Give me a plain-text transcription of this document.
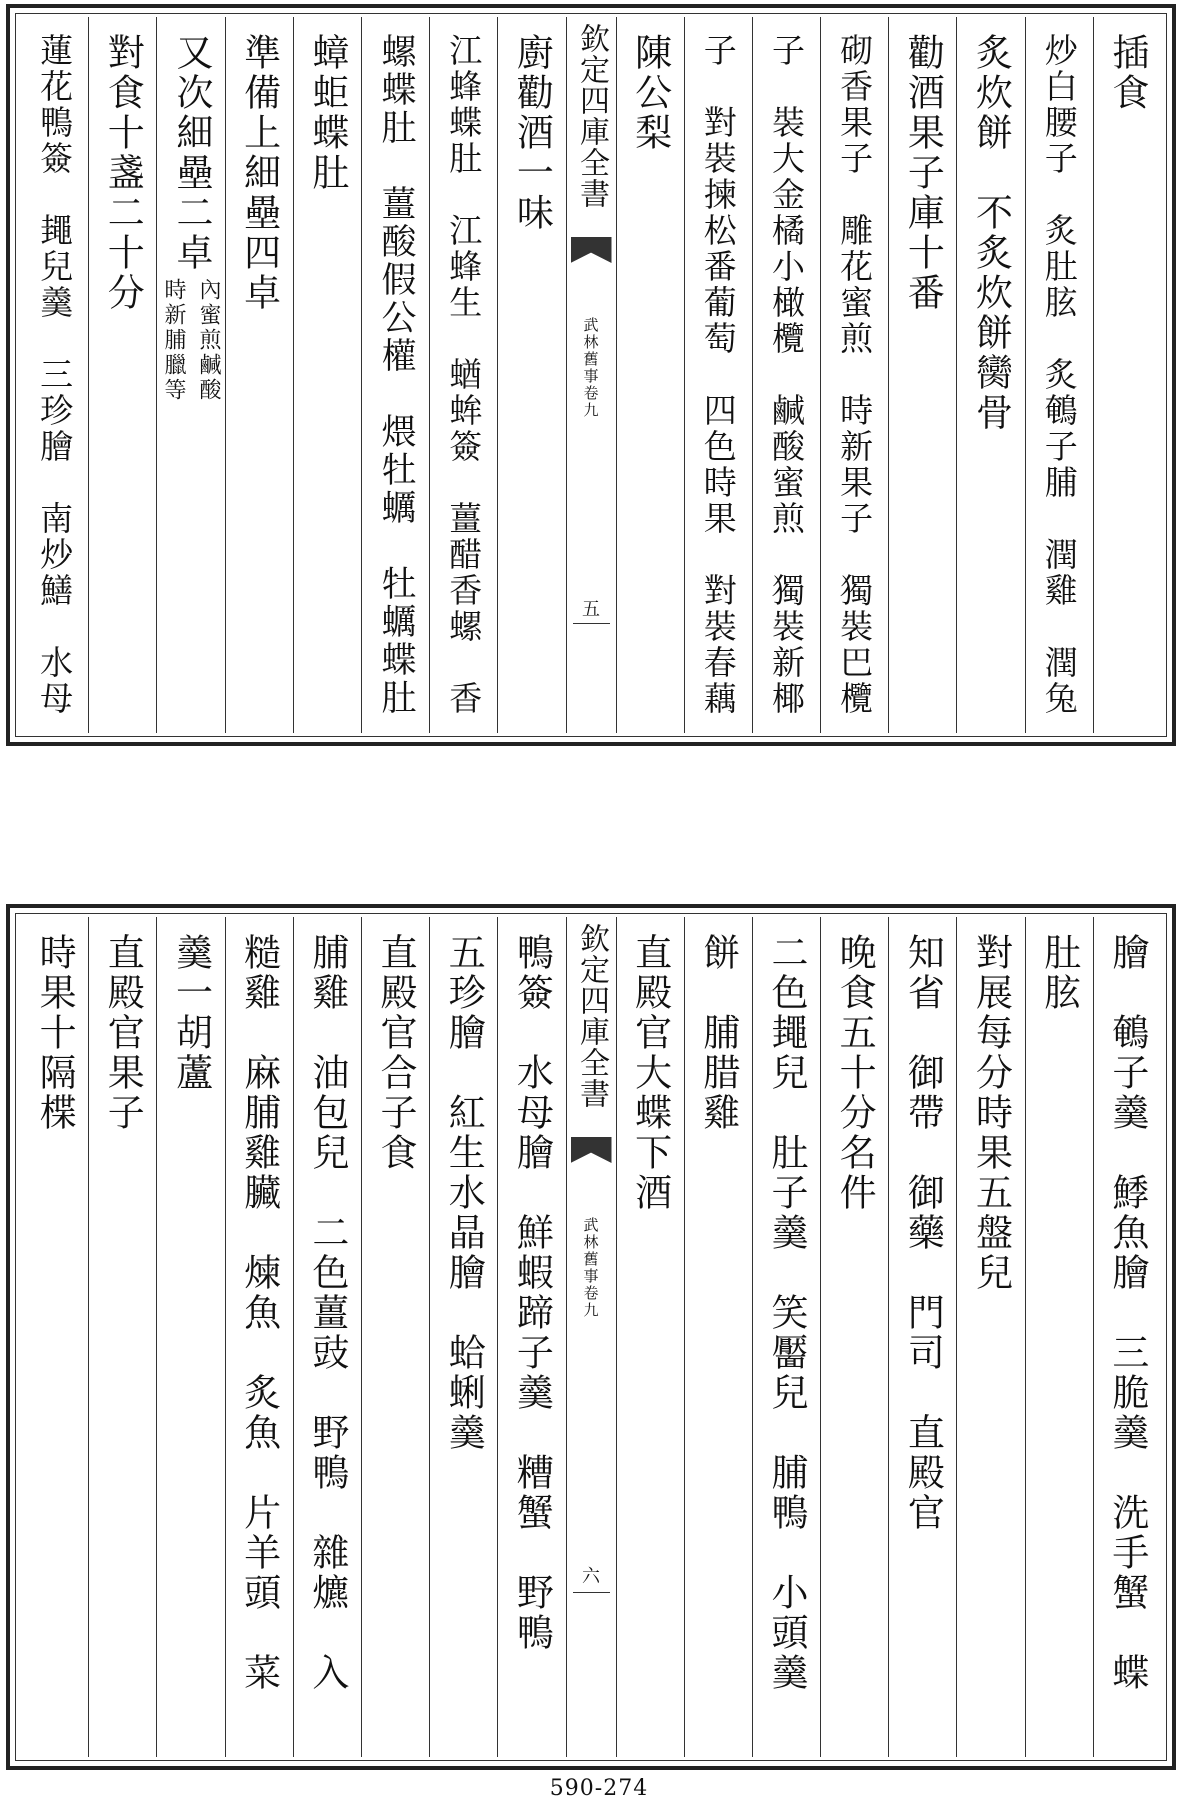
插食
炒白腰子　炙肚胘　炙鵪子脯　潤雞　潤兔
炙炊餅　不炙炊餅臠骨
勸酒果子庫十番
砌香果子　雕花蜜煎　時新果子　獨裝巴欖
子　裝大金橘小橄欖　鹹酸蜜煎　獨裝新椰
子　對裝揀松番葡萄　四色時果　對裝春藕
陳公梨
欽定四庫全書
武林舊事卷九
五
廚勸酒一味
江蜂蝶肚　江蜂生　蝤蛑簽　薑醋香螺　香
螺蝶肚　薑酸假公權　煨牡蠣　牡蠣蝶肚
蟑蚷蝶肚
準備上細壘四卓
又次細壘二卓
內蜜煎鹹酸
時新脯臘等
對食十盞二十分
蓮花鴨簽　䵷兒羹　三珍膾　南炒鱔　水母
膾　鵪子羹　鯚魚膾　三脆羹　洗手蟹　蝶
肚胘
對展每分時果五盤兒
知省　御帶　御藥　門司　直殿官
晚食五十分名件
二色䵷兒　肚子羹　笑靨兒　脯鴨　小頭羹
餅　脯腊雞
直殿官大蝶下酒
欽定四庫全書
武林舊事卷九
六
鴨簽　水母膾　鮮蝦蹄子羹　糟蟹　野鴨
五珍膾　紅生水晶膾　蛤蜊羹
直殿官合子食
脯雞　油包兒　二色薑豉　野鴨　雜爊　入
糙雞　麻脯雞臟　煉魚　炙魚　片羊頭　菜
羹一胡蘆
直殿官果子
時果十隔楪
590-274
